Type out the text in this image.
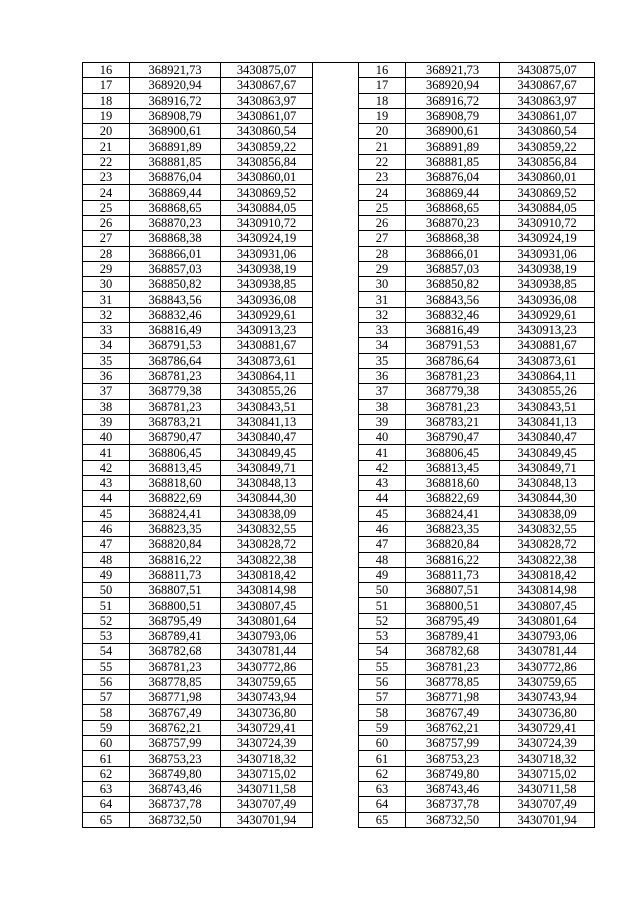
16	368921,73	3430875,07
17	368920,94	3430867,67
18	368916,72	3430863,97
19	368908,79	3430861,07
20	368900,61	3430860,54
21	368891,89	3430859,22
22	368881,85	3430856,84
23	368876,04	3430860,01
24	368869,44	3430869,52
25	368868,65	3430884,05
26	368870,23	3430910,72
27	368868,38	3430924,19
28	368866,01	3430931,06
29	368857,03	3430938,19
30	368850,82	3430938,85
31	368843,56	3430936,08
32	368832,46	3430929,61
33	368816,49	3430913,23
34	368791,53	3430881,67
35	368786,64	3430873,61
36	368781,23	3430864,11
37	368779,38	3430855,26
38	368781,23	3430843,51
39	368783,21	3430841,13
40	368790,47	3430840,47
41	368806,45	3430849,45
42	368813,45	3430849,71
43	368818,60	3430848,13
44	368822,69	3430844,30
45	368824,41	3430838,09
46	368823,35	3430832,55
47	368820,84	3430828,72
48	368816,22	3430822,38
49	368811,73	3430818,42
50	368807,51	3430814,98
51	368800,51	3430807,45
52	368795,49	3430801,64
53	368789,41	3430793,06
54	368782,68	3430781,44
55	368781,23	3430772,86
56	368778,85	3430759,65
57	368771,98	3430743,94
58	368767,49	3430736,80
59	368762,21	3430729,41
60	368757,99	3430724,39
61	368753,23	3430718,32
62	368749,80	3430715,02
63	368743,46	3430711,58
64	368737,78	3430707,49
65	368732,50	3430701,94
16	368921,73	3430875,07
17	368920,94	3430867,67
18	368916,72	3430863,97
19	368908,79	3430861,07
20	368900,61	3430860,54
21	368891,89	3430859,22
22	368881,85	3430856,84
23	368876,04	3430860,01
24	368869,44	3430869,52
25	368868,65	3430884,05
26	368870,23	3430910,72
27	368868,38	3430924,19
28	368866,01	3430931,06
29	368857,03	3430938,19
30	368850,82	3430938,85
31	368843,56	3430936,08
32	368832,46	3430929,61
33	368816,49	3430913,23
34	368791,53	3430881,67
35	368786,64	3430873,61
36	368781,23	3430864,11
37	368779,38	3430855,26
38	368781,23	3430843,51
39	368783,21	3430841,13
40	368790,47	3430840,47
41	368806,45	3430849,45
42	368813,45	3430849,71
43	368818,60	3430848,13
44	368822,69	3430844,30
45	368824,41	3430838,09
46	368823,35	3430832,55
47	368820,84	3430828,72
48	368816,22	3430822,38
49	368811,73	3430818,42
50	368807,51	3430814,98
51	368800,51	3430807,45
52	368795,49	3430801,64
53	368789,41	3430793,06
54	368782,68	3430781,44
55	368781,23	3430772,86
56	368778,85	3430759,65
57	368771,98	3430743,94
58	368767,49	3430736,80
59	368762,21	3430729,41
60	368757,99	3430724,39
61	368753,23	3430718,32
62	368749,80	3430715,02
63	368743,46	3430711,58
64	368737,78	3430707,49
65	368732,50	3430701,94
